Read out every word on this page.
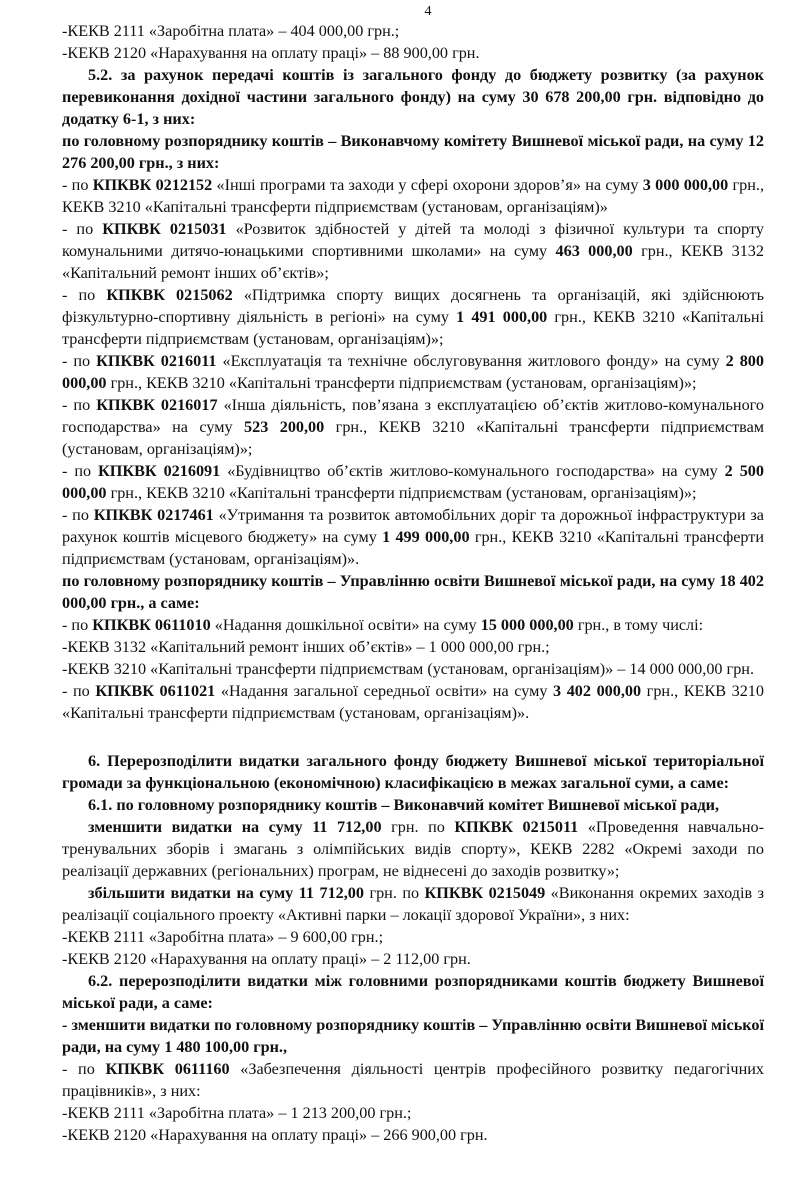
4

-КЕКВ 2111 «Заробітна плата» – 404 000,00 грн.;

-КЕКВ 2120 «Нарахування на оплату праці» – 88 900,00 грн.

5.2. за рахунок передачі коштів із загального фонду до бюджету розвитку (за рахунок перевиконання дохідної частини загального фонду) на суму 30 678 200,00 грн. відповідно до додатку 6-1, з них:

по головному розпоряднику коштів – Виконавчому комітету Вишневої міської ради, на суму 12 276 200,00 грн., з них:

- по КПКВК 0212152 «Інші програми та заходи у сфері охорони здоров’я» на суму 3 000 000,00 грн., КЕКВ 3210 «Капітальні трансферти підприємствам (установам, організаціям)»

- по КПКВК 0215031 «Розвиток здібностей у дітей та молоді з фізичної культури та спорту комунальними дитячо-юнацькими спортивними школами» на суму 463 000,00 грн., КЕКВ 3132 «Капітальний ремонт інших об’єктів»;

- по КПКВК 0215062 «Підтримка спорту вищих досягнень та організацій, які здійснюють фізкультурно-спортивну діяльність в регіоні» на суму 1 491 000,00 грн., КЕКВ 3210 «Капітальні трансферти підприємствам (установам, організаціям)»;

- по КПКВК 0216011 «Експлуатація та технічне обслуговування житлового фонду» на суму 2 800 000,00 грн., КЕКВ 3210 «Капітальні трансферти підприємствам (установам, організаціям)»;

- по КПКВК 0216017 «Інша діяльність, пов’язана з експлуатацією об’єктів житлово-комунального господарства» на суму 523 200,00 грн., КЕКВ 3210 «Капітальні трансферти підприємствам (установам, організаціям)»;

- по КПКВК 0216091 «Будівництво об’єктів житлово-комунального господарства» на суму 2 500 000,00 грн., КЕКВ 3210 «Капітальні трансферти підприємствам (установам, організаціям)»;

- по КПКВК 0217461 «Утримання та розвиток автомобільних доріг та дорожньої інфраструктури за рахунок коштів місцевого бюджету» на суму 1 499 000,00 грн., КЕКВ 3210 «Капітальні трансферти підприємствам (установам, організаціям)».

по головному розпоряднику коштів – Управлінню освіти Вишневої міської ради, на суму 18 402 000,00 грн., а саме:

- по КПКВК 0611010 «Надання дошкільної освіти» на суму 15 000 000,00 грн., в тому числі:

-КЕКВ 3132 «Капітальний ремонт інших об’єктів» – 1 000 000,00 грн.;

-КЕКВ 3210 «Капітальні трансферти підприємствам (установам, організаціям)» – 14 000 000,00 грн.

- по КПКВК 0611021 «Надання загальної середньої освіти» на суму 3 402 000,00 грн., КЕКВ 3210 «Капітальні трансферти підприємствам (установам, організаціям)».

6. Перерозподілити видатки загального фонду бюджету Вишневої міської територіальної громади за функціональною (економічною) класифікацією в межах загальної суми, а саме:

6.1. по головному розпоряднику коштів – Виконавчий комітет Вишневої міської ради,

зменшити видатки на суму 11 712,00 грн. по КПКВК 0215011 «Проведення навчально-тренувальних зборів і змагань з олімпійських видів спорту», КЕКВ 2282 «Окремі заходи по реалізації державних (регіональних) програм, не віднесені до заходів розвитку»;

збільшити видатки на суму 11 712,00 грн. по КПКВК 0215049 «Виконання окремих заходів з реалізації соціального проекту «Активні парки – локації здорової України», з них:

-КЕКВ 2111 «Заробітна плата» – 9 600,00 грн.;

-КЕКВ 2120 «Нарахування на оплату праці» – 2 112,00 грн.

6.2. перерозподілити видатки між головними розпорядниками коштів бюджету Вишневої міської ради, а саме:

- зменшити видатки по головному розпоряднику коштів – Управлінню освіти Вишневої міської ради, на суму 1 480 100,00 грн.,

- по КПКВК 0611160 «Забезпечення діяльності центрів професійного розвитку педагогічних працівників», з них:

-КЕКВ 2111 «Заробітна плата» – 1 213 200,00 грн.;

-КЕКВ 2120 «Нарахування на оплату праці» – 266 900,00 грн.
